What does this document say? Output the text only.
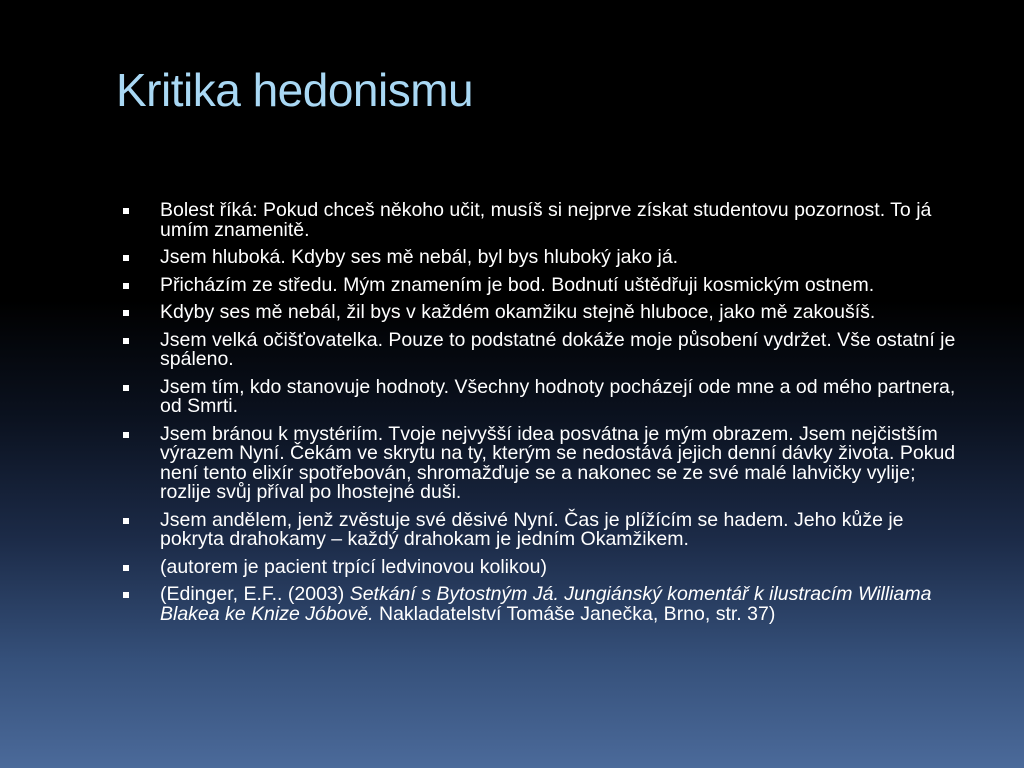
Kritika hedonismu
Bolest říká: Pokud chceš někoho učit, musíš si nejprve získat studentovu pozornost. To já umím znamenitě.
Jsem hluboká. Kdyby ses mě nebál, byl bys hluboký jako já.
Přicházím ze středu. Mým znamením je bod. Bodnutí uštědřuji kosmickým ostnem.
Kdyby ses mě nebál, žil bys v každém okamžiku stejně hluboce, jako mě zakoušíš.
Jsem velká očišťovatelka. Pouze to podstatné dokáže moje působení vydržet. Vše ostatní je spáleno.
Jsem tím, kdo stanovuje hodnoty. Všechny hodnoty pocházejí ode mne a od mého partnera, od Smrti.
Jsem bránou k mystériím. Tvoje nejvyšší idea posvátna je mým obrazem. Jsem nejčistším výrazem Nyní. Čekám ve skrytu na ty, kterým se nedostává jejich denní dávky života. Pokud není tento elixír spotřebován, shromažďuje se a nakonec se ze své malé lahvičky vylije; rozlije svůj příval po lhostejné duši.
Jsem andělem, jenž zvěstuje své děsivé Nyní. Čas je plížícím se hadem. Jeho kůže je pokryta drahokamy – každý drahokam je jedním Okamžikem.
(autorem je pacient trpící ledvinovou kolikou)
(Edinger, E.F.. (2003) Setkání s Bytostným Já. Jungiánský komentář k ilustracím Williama Blakea ke Knize Jóbově. Nakladatelství Tomáše Janečka, Brno, str. 37)
